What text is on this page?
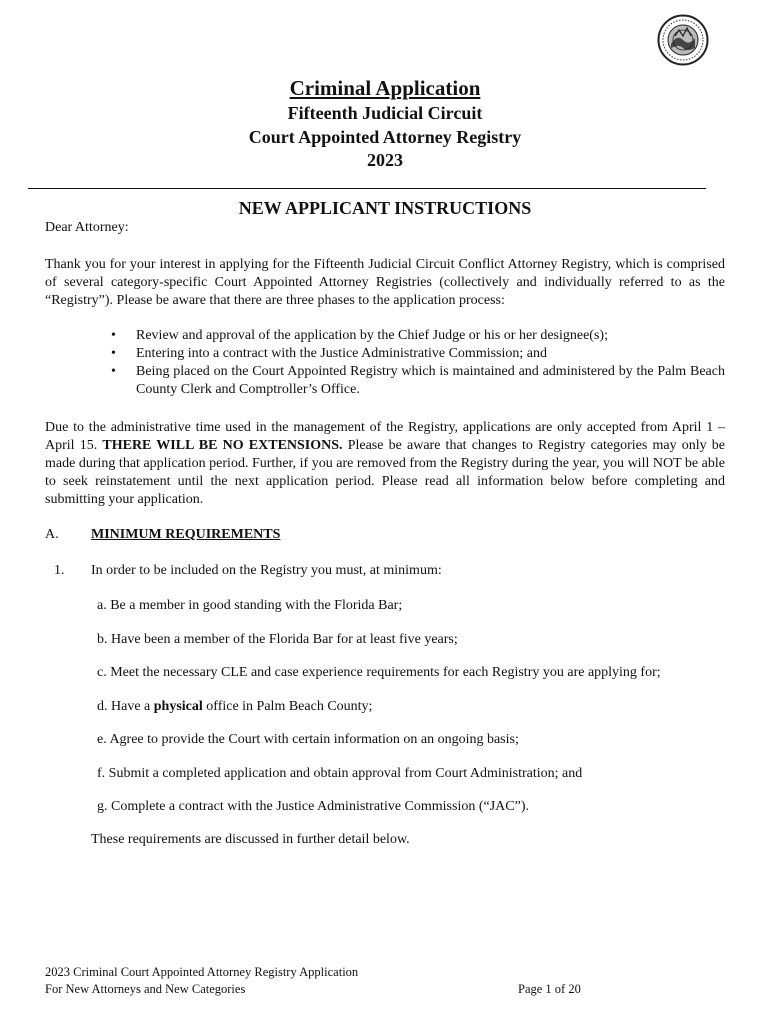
Criminal Application
Fifteenth Judicial Circuit
Court Appointed Attorney Registry
2023
NEW APPLICANT INSTRUCTIONS
Dear Attorney:
Thank you for your interest in applying for the Fifteenth Judicial Circuit Conflict Attorney Registry, which is comprised of several category-specific Court Appointed Attorney Registries (collectively and individually referred to as the “Registry”). Please be aware that there are three phases to the application process:
• Review and approval of the application by the Chief Judge or his or her designee(s);
• Entering into a contract with the Justice Administrative Commission; and
• Being placed on the Court Appointed Registry which is maintained and administered by the Palm Beach County Clerk and Comptroller’s Office.
Due to the administrative time used in the management of the Registry, applications are only accepted from April 1 – April 15. THERE WILL BE NO EXTENSIONS. Please be aware that changes to Registry categories may only be made during that application period. Further, if you are removed from the Registry during the year, you will NOT be able to seek reinstatement until the next application period. Please read all information below before completing and submitting your application.
A. MINIMUM REQUIREMENTS
1. In order to be included on the Registry you must, at minimum:
a. Be a member in good standing with the Florida Bar;
b. Have been a member of the Florida Bar for at least five years;
c. Meet the necessary CLE and case experience requirements for each Registry you are applying for;
d. Have a physical office in Palm Beach County;
e. Agree to provide the Court with certain information on an ongoing basis;
f. Submit a completed application and obtain approval from Court Administration; and
g. Complete a contract with the Justice Administrative Commission (“JAC”).
These requirements are discussed in further detail below.
2023 Criminal Court Appointed Attorney Registry Application
For New Attorneys and New Categories	Page 1 of 20
